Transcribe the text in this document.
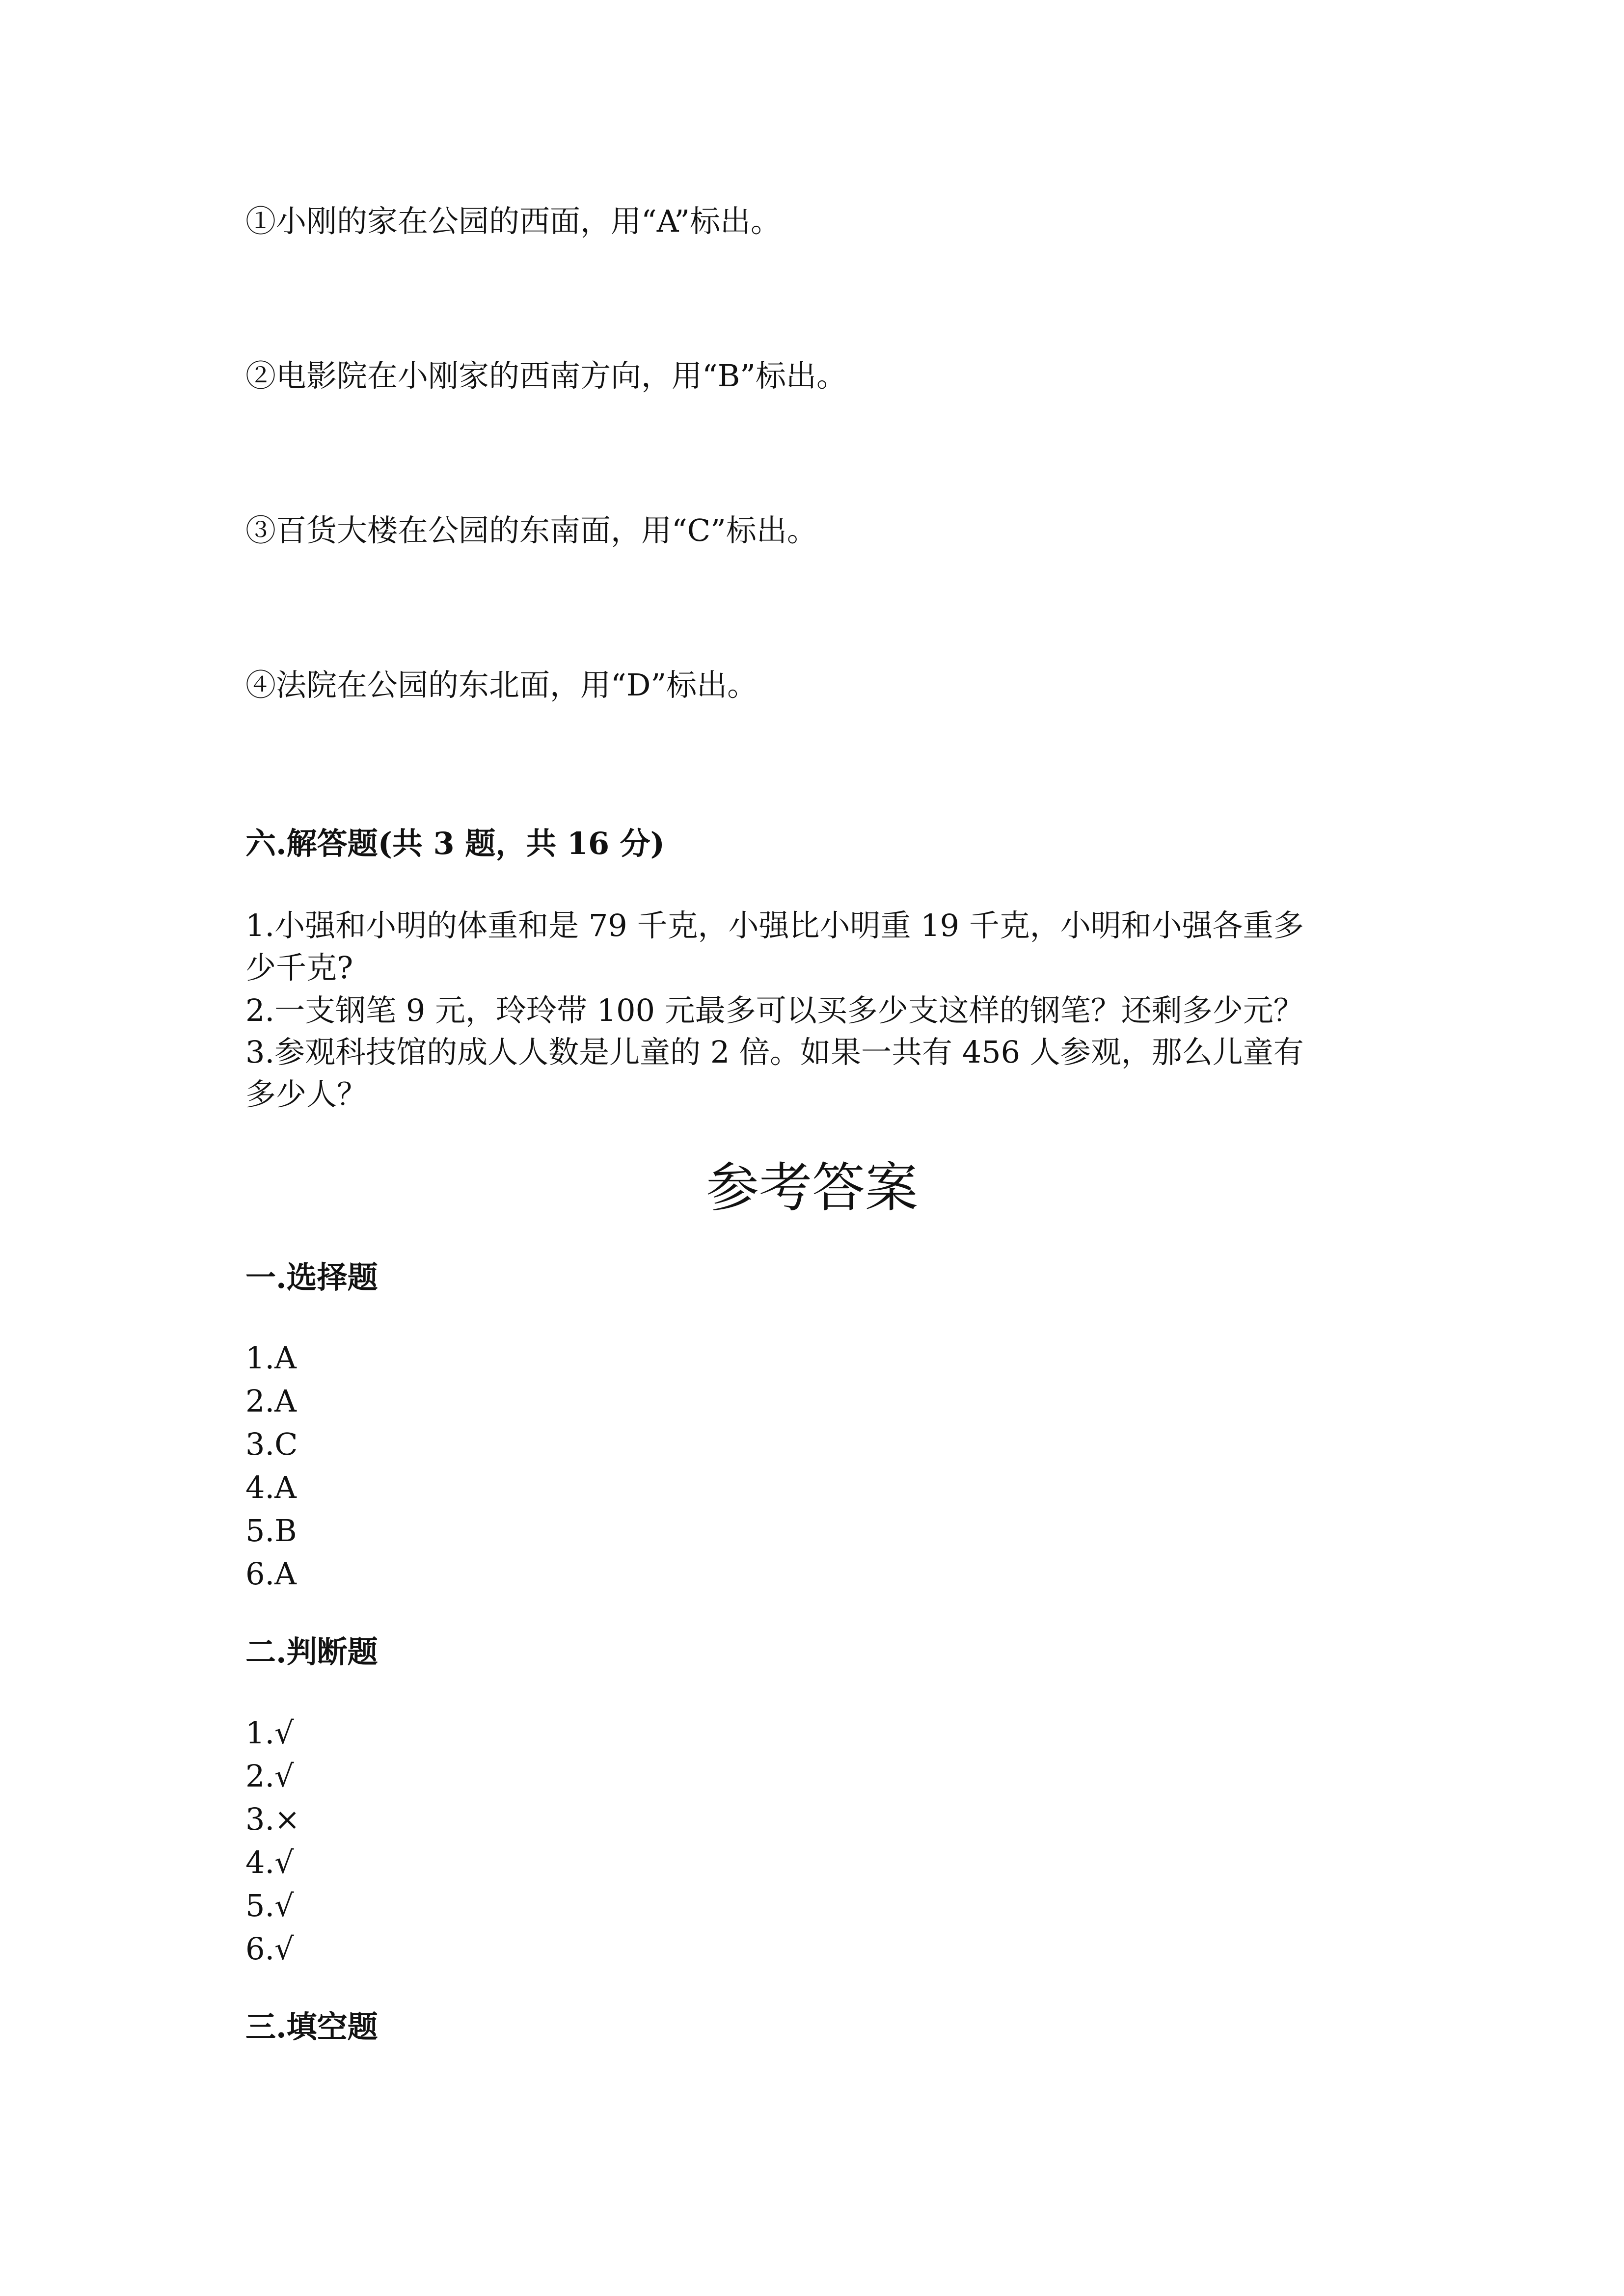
①小刚的家在公园的西面，用“A”标出。
②电影院在小刚家的西南方向，用“B”标出。
③百货大楼在公园的东南面，用“C”标出。
④法院在公园的东北面，用“D”标出。
六.解答题(共 3 题，共 16 分)
1.小强和小明的体重和是 79 千克，小强比小明重 19 千克，小明和小强各重多
少千克?
2.一支钢笔 9 元，玲玲带 100 元最多可以买多少支这样的钢笔？还剩多少元？
3.参观科技馆的成人人数是儿童的 2 倍。如果一共有 456 人参观，那么儿童有
多少人？
参考答案
一.选择题
1.A
2.A
3.C
4.A
5.B
6.A
二.判断题
1.√
2.√
3.×
4.√
5.√
6.√
三.填空题
